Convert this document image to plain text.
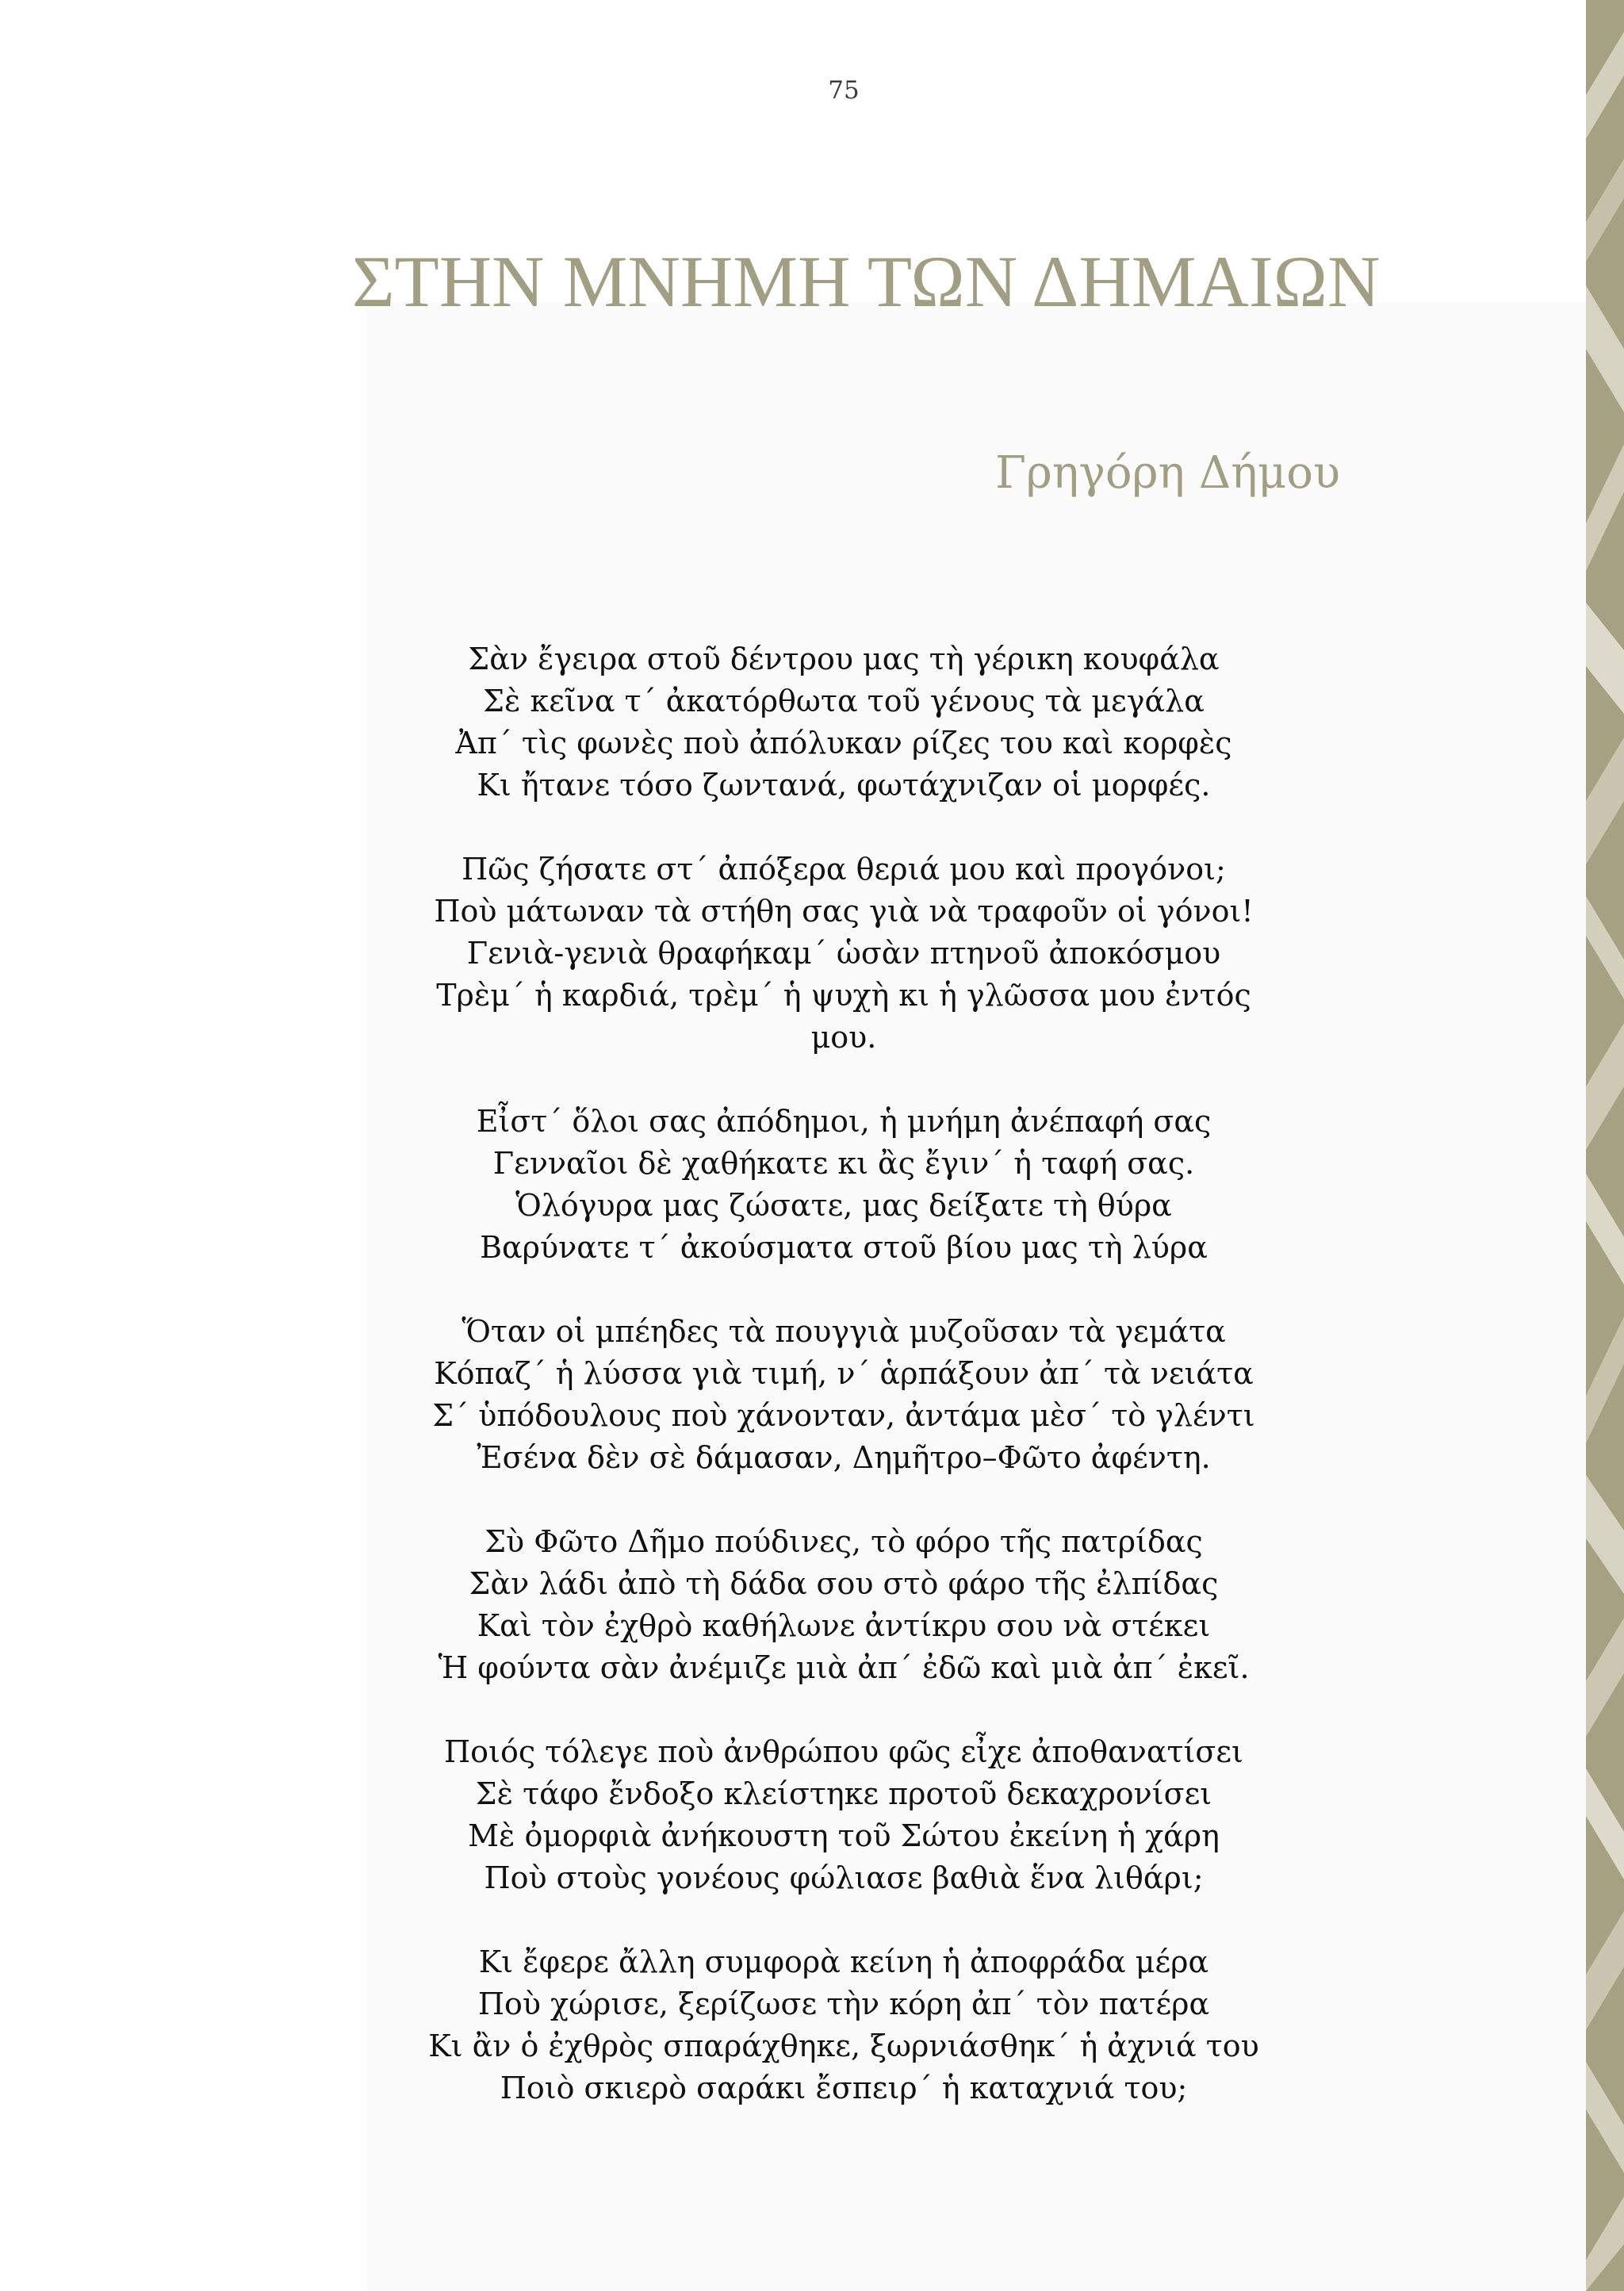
75
ΣΤΗΝ ΜΝΗΜΗ ΤΩΝ ΔΗΜΑΙΩΝ
Γρηγόρη Δήμου
Σὰν ἔγειρα στοῦ δέντρου μας τὴ γέρικη κουφάλα
Σὲ κεῖνα τ΄ ἀκατόρθωτα τοῦ γένους τὰ μεγάλα
Ἀπ΄ τὶς φωνὲς ποὺ ἀπόλυκαν ρίζες του καὶ κορφὲς
Κι ἤτανε τόσο ζωντανά, φωτάχνιζαν οἱ μορφές.
Πῶς ζήσατε στ΄ ἀπόξερα θεριά μου καὶ προγόνοι;
Ποὺ μάτωναν τὰ στήθη σας γιὰ νὰ τραφοῦν οἱ γόνοι!
Γενιὰ-γενιὰ θραφήκαμ΄ ὡσὰν πτηνοῦ ἀποκόσμου
Τρὲμ΄ ἡ καρδιά, τρὲμ΄ ἡ ψυχὴ κι ἡ γλῶσσα μου ἐντός
μου.
Εἶστ΄ ὅλοι σας ἀπόδημοι, ἡ μνήμη ἀνέπαφή σας
Γενναῖοι δὲ χαθήκατε κι ἂς ἔγιν΄ ἡ ταφή σας.
Ὁλόγυρα μας ζώσατε, μας δείξατε τὴ θύρα
Βαρύνατε τ΄ ἀκούσματα στοῦ βίου μας τὴ λύρα
Ὅταν οἱ μπέηδες τὰ πουγγιὰ μυζοῦσαν τὰ γεμάτα
Κόπαζ΄ ἡ λύσσα γιὰ τιμή, ν΄ ἁρπάξουν ἀπ΄ τὰ νειάτα
Σ΄ ὑπόδουλους ποὺ χάνονταν, ἀντάμα μὲσ΄ τὸ γλέντι
Ἐσένα δὲν σὲ δάμασαν, Δημῆτρο–Φῶτο ἀφέντη.
Σὺ Φῶτο Δῆμο πούδινες, τὸ φόρο τῆς πατρίδας
Σὰν λάδι ἀπὸ τὴ δάδα σου στὸ φάρο τῆς ἐλπίδας
Καὶ τὸν ἐχθρὸ καθήλωνε ἀντίκρυ σου νὰ στέκει
Ἡ φούντα σὰν ἀνέμιζε μιὰ ἀπ΄ ἐδῶ καὶ μιὰ ἀπ΄ ἐκεῖ.
Ποιός τόλεγε ποὺ ἀνθρώπου φῶς εἶχε ἀποθανατίσει
Σὲ τάφο ἔνδοξο κλείστηκε προτοῦ δεκαχρονίσει
Μὲ ὀμορφιὰ ἀνήκουστη τοῦ Σώτου ἐκείνη ἡ χάρη
Ποὺ στοὺς γονέους φώλιασε βαθιὰ ἕνα λιθάρι;
Κι ἔφερε ἄλλη συμφορὰ κείνη ἡ ἀποφράδα μέρα
Ποὺ χώρισε, ξερίζωσε τὴν κόρη ἀπ΄ τὸν πατέρα
Κι ἂν ὁ ἐχθρὸς σπαράχθηκε, ξωρνιάσθηκ΄ ἡ ἀχνιά του
Ποιὸ σκιερὸ σαράκι ἔσπειρ΄ ἡ καταχνιά του;
